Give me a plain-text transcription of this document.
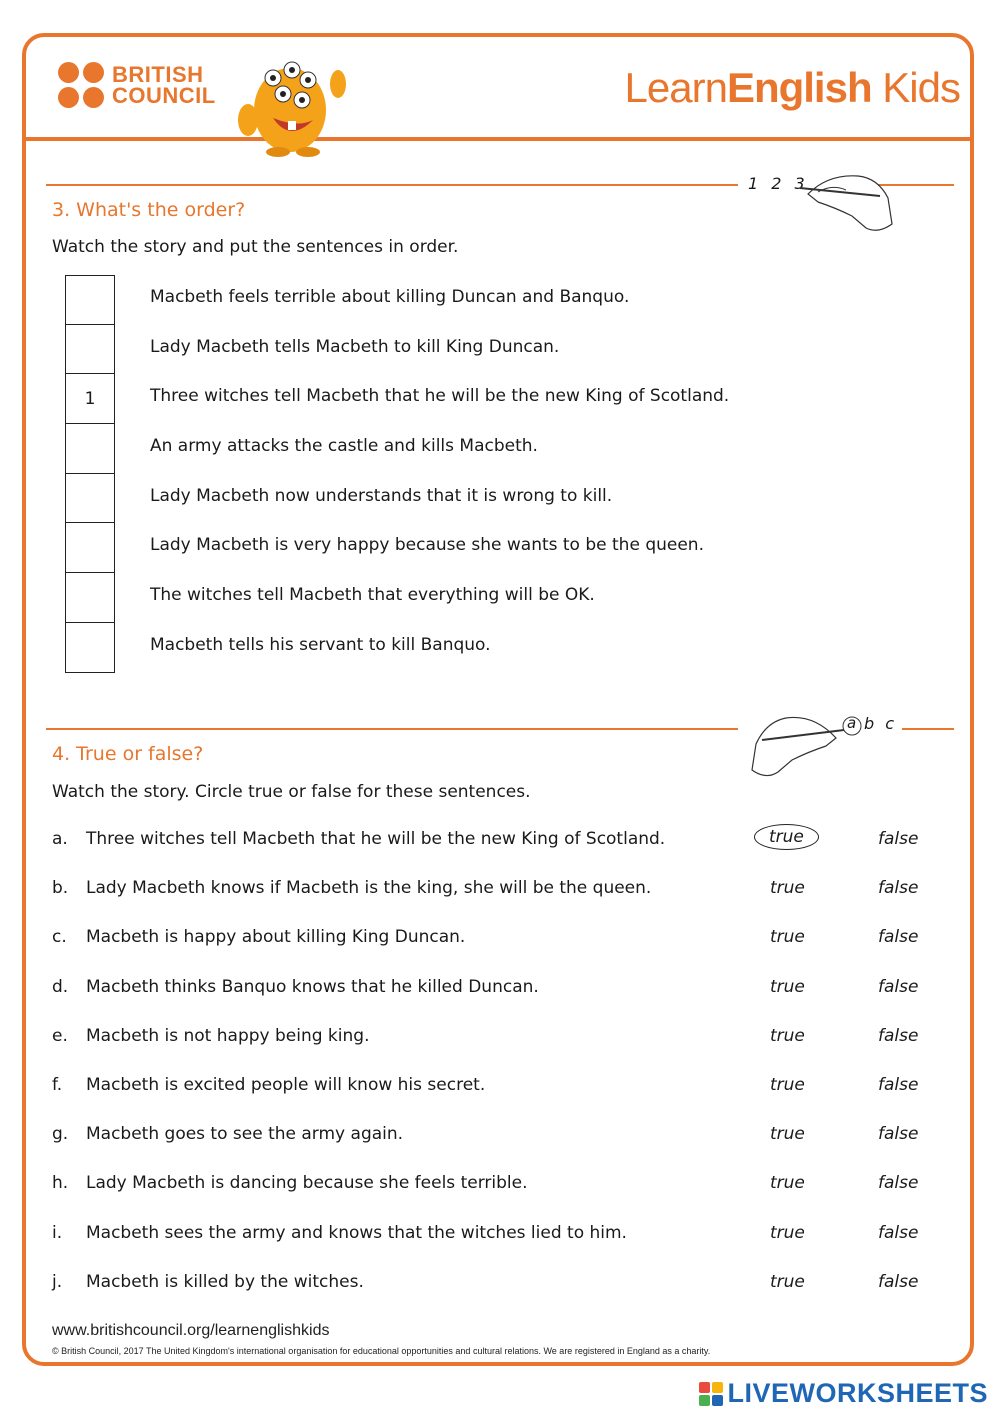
BRITISH
COUNCIL	LearnEnglish Kids
1 2 3
3. What's the order?
Watch the story and put the sentences in order.
Macbeth feels terrible about killing Duncan and Banquo.
Lady Macbeth tells Macbeth to kill King Duncan.
1	Three witches tell Macbeth that he will be the new King of Scotland.
An army attacks the castle and kills Macbeth.
Lady Macbeth now understands that it is wrong to kill.
Lady Macbeth is very happy because she wants to be the queen.
The witches tell Macbeth that everything will be OK.
Macbeth tells his servant to kill Banquo.
a b c
4. True or false?
Watch the story. Circle true or false for these sentences.
a. Three witches tell Macbeth that he will be the new King of Scotland.	true	false
b. Lady Macbeth knows if Macbeth is the king, she will be the queen.	true	false
c. Macbeth is happy about killing King Duncan.	true	false
d. Macbeth thinks Banquo knows that he killed Duncan.	true	false
e. Macbeth is not happy being king.	true	false
f. Macbeth is excited people will know his secret.	true	false
g. Macbeth goes to see the army again.	true	false
h. Lady Macbeth is dancing because she feels terrible.	true	false
i. Macbeth sees the army and knows that the witches lied to him.	true	false
j. Macbeth is killed by the witches.	true	false
www.britishcouncil.org/learnenglishkids
© British Council, 2017 The United Kingdom's international organisation for educational opportunities and cultural relations. We are registered in England as a charity.
LIVEWORKSHEETS
